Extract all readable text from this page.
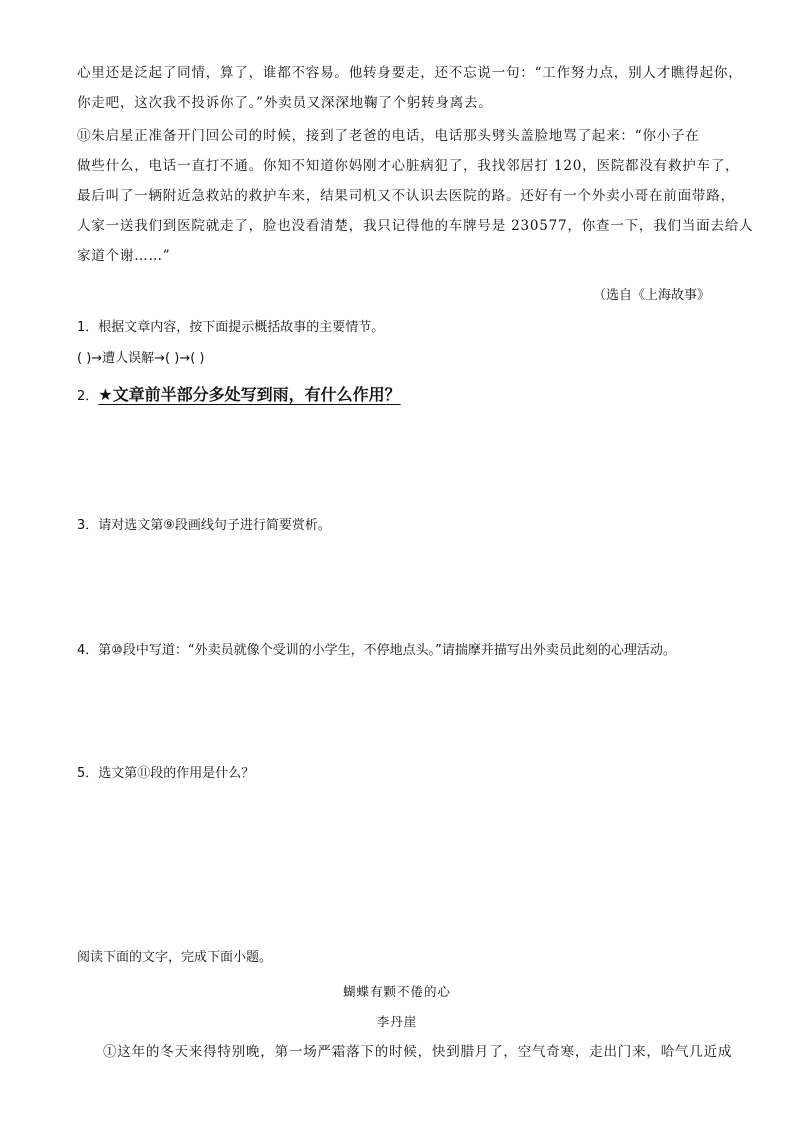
心里还是泛起了同情，算了，谁都不容易。他转身要走，还不忘说一句：“工作努力点，别人才瞧得起你，
你走吧，这次我不投诉你了。”外卖员又深深地鞠了个躬转身离去。
⑪朱启星正准备开门回公司的时候，接到了老爸的电话，电话那头劈头盖脸地骂了起来：“你小子在
做些什么，电话一直打不通。你知不知道你妈刚才心脏病犯了，我找邻居打 120，医院都没有救护车了，
最后叫了一辆附近急救站的救护车来，结果司机又不认识去医院的路。还好有一个外卖小哥在前面带路，
人家一送我们到医院就走了，脸也没看清楚，我只记得他的车牌号是 230577，你查一下，我们当面去给人
家道个谢……”
（选自《上海故事》
1．根据文章内容，按下面提示概括故事的主要情节。
( )→遭人误解→( )→( )
2．★文章前半部分多处写到雨，有什么作用？
3．请对选文第⑨段画线句子进行简要赏析。
4．第⑩段中写道：“外卖员就像个受训的小学生，不停地点头。”请揣摩并描写出外卖员此刻的心理活动。
5．选文第⑪段的作用是什么？
阅读下面的文字，完成下面小题。
蝴蝶有颗不倦的心
李丹崖
①这年的冬天来得特别晚，第一场严霜落下的时候，快到腊月了，空气奇寒，走出门来，哈气几近成
